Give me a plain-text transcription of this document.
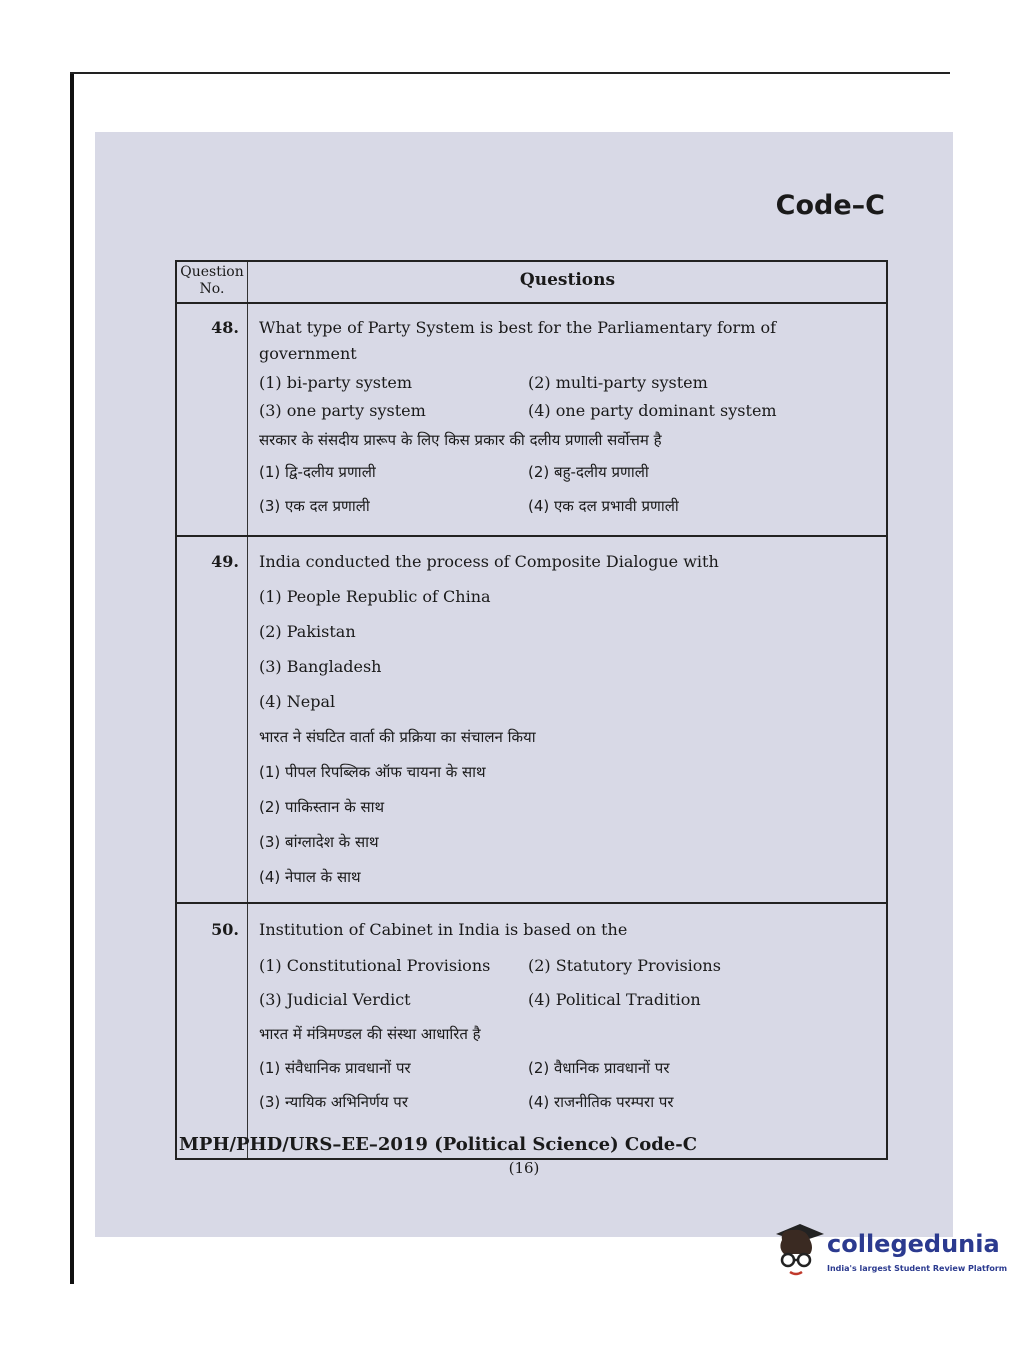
Code–C
Question
No.	Questions
48. What type of Party System is best for the Parliamentary form of
government
(1) bi-party system	(2) multi-party system
(3) one party system	(4) one party dominant system
सरकार के संसदीय प्रारूप के लिए किस प्रकार की दलीय प्रणाली सर्वोत्तम है
(1) द्वि-दलीय प्रणाली	(2) बहु-दलीय प्रणाली
(3) एक दल प्रणाली	(4) एक दल प्रभावी प्रणाली
49. India conducted the process of Composite Dialogue with
(1) People Republic of China
(2) Pakistan
(3) Bangladesh
(4) Nepal
भारत ने संघटित वार्ता की प्रक्रिया का संचालन किया
(1) पीपल रिपब्लिक ऑफ चायना के साथ
(2) पाकिस्तान के साथ
(3) बांग्लादेश के साथ
(4) नेपाल के साथ
50. Institution of Cabinet in India is based on the
(1) Constitutional Provisions (2) Statutory Provisions
(3) Judicial Verdict	(4) Political Tradition
भारत में मंत्रिमण्डल की संस्था आधारित है
(1) संवैधानिक प्रावधानों पर	(2) वैधानिक प्रावधानों पर
(3) न्यायिक अभिनिर्णय पर	(4) राजनीतिक परम्परा पर
MPH/PHD/URS–EE–2019 (Political Science) Code-C
(16)
collegedunia
India's largest Student Review Platform
